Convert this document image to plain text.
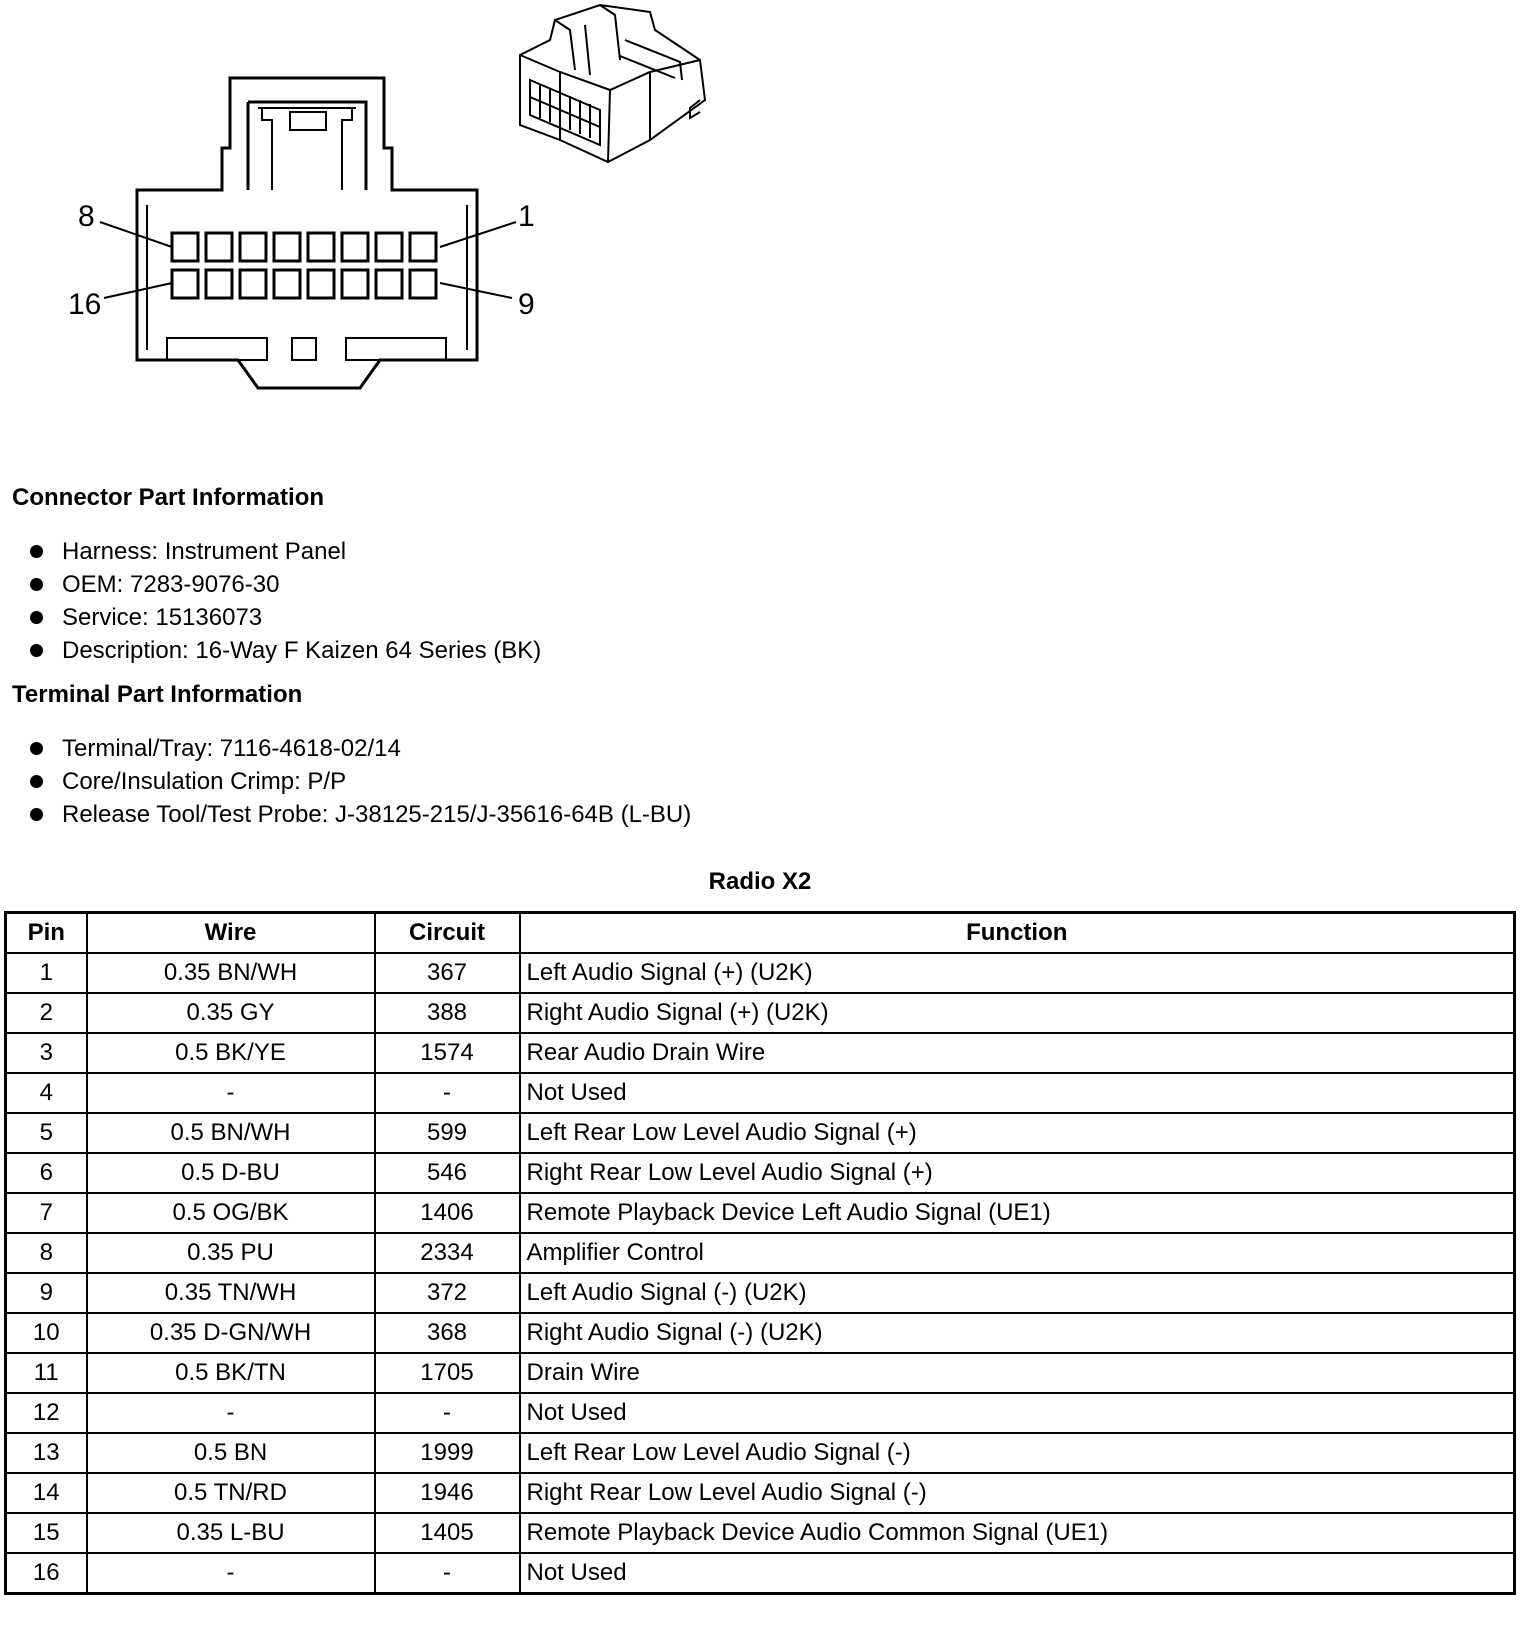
8	1
16	9
Connector Part Information
Harness: Instrument Panel
OEM: 7283-9076-30
Service: 15136073
Description: 16-Way F Kaizen 64 Series (BK)
Terminal Part Information
Terminal/Tray: 7116-4618-02/14
Core/Insulation Crimp: P/P
Release Tool/Test Probe: J-38125-215/J-35616-64B (L-BU)
Radio X2
Pin	Wire	Circuit	Function
1	0.35 BN/WH	367	Left Audio Signal (+) (U2K)
2	0.35 GY	388	Right Audio Signal (+) (U2K)
3	0.5 BK/YE	1574	Rear Audio Drain Wire
4	-	-	Not Used
5	0.5 BN/WH	599	Left Rear Low Level Audio Signal (+)
6	0.5 D-BU	546	Right Rear Low Level Audio Signal (+)
7	0.5 OG/BK	1406	Remote Playback Device Left Audio Signal (UE1)
8	0.35 PU	2334	Amplifier Control
9	0.35 TN/WH	372	Left Audio Signal (-) (U2K)
10	0.35 D-GN/WH	368	Right Audio Signal (-) (U2K)
11	0.5 BK/TN	1705	Drain Wire
12	-	-	Not Used
13	0.5 BN	1999	Left Rear Low Level Audio Signal (-)
14	0.5 TN/RD	1946	Right Rear Low Level Audio Signal (-)
15	0.35 L-BU	1405	Remote Playback Device Audio Common Signal (UE1)
16	-	-	Not Used
